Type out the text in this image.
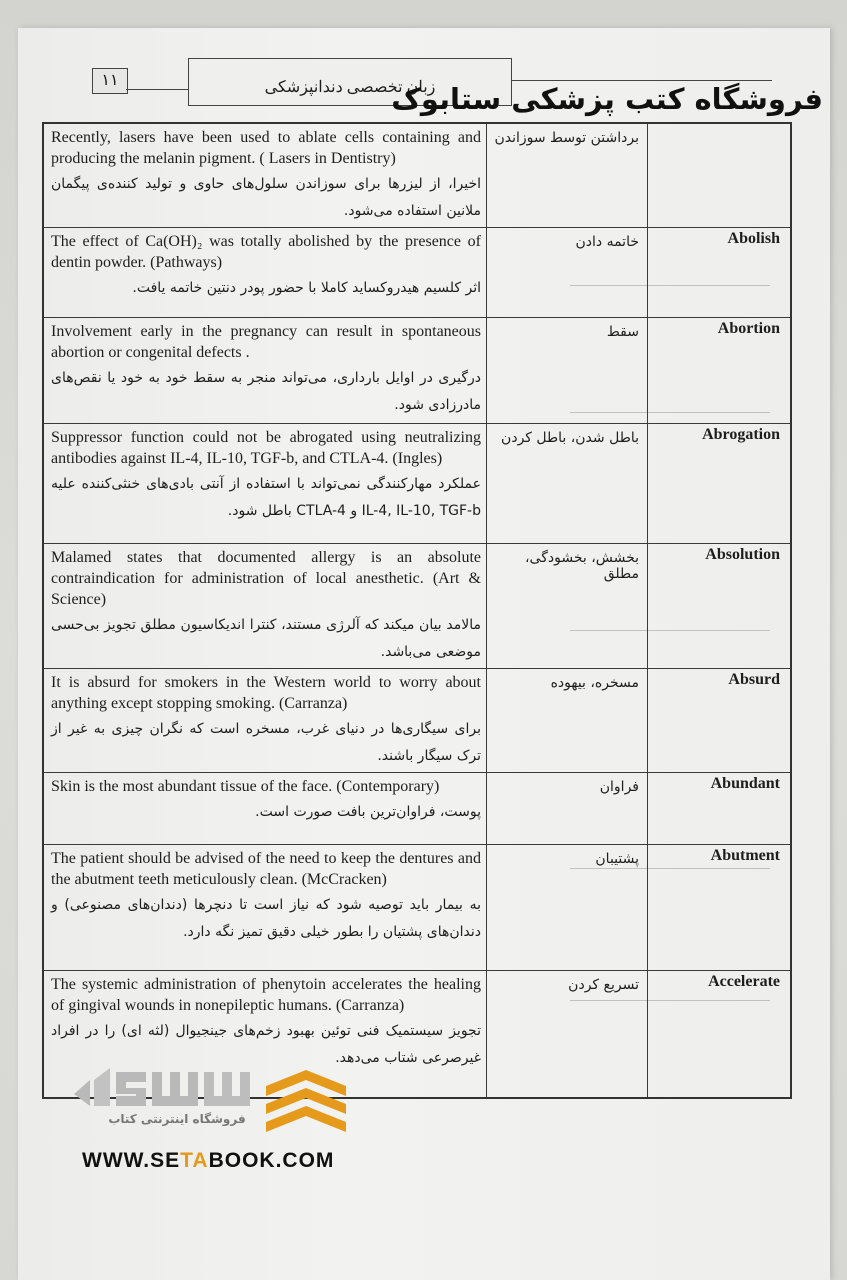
۱۱	زبان تخصصی دندانپزشکی
فروشگاه کتب پزشکی ستابوک
Recently, lasers have been used to ablate cells containing and producing the melanin pigment. ( Lasers in Dentistry)
اخیرا، از لیزرها برای سوزاندن سلول‌های حاوی و تولید کننده‌ی پیگمان ملانین استفاده می‌شود.	برداشتن توسط سوزاندن	

The effect of Ca(OH)₂ was totally abolished by the presence of dentin powder. (Pathways)
اثر کلسیم هیدروکساید کاملا با حضور پودر دنتین خاتمه یافت.	خاتمه دادن	Abolish

Involvement early in the pregnancy can result in spontaneous abortion or congenital defects .
درگیری در اوایل بارداری، می‌تواند منجر به سقط خود به خود یا نقص‌های مادرزادی شود.	سقط	Abortion

Suppressor function could not be abrogated using neutralizing antibodies against IL-4, IL-10, TGF-b, and CTLA-4. (Ingles)
عملکرد مهارکنندگی نمی‌تواند با استفاده از آنتی بادی‌های خنثی‌کننده علیه IL-4, IL-10, TGF-b و CTLA-4 باطل شود.	باطل شدن، باطل کردن	Abrogation

Malamed states that documented allergy is an absolute contraindication for administration of local anesthetic. (Art & Science)
مالامد بیان میکند که آلرژی مستند، کنترا اندیکاسیون مطلق تجویز بی‌حسی موضعی می‌باشد.	بخشش، بخشودگی، مطلق	Absolution

It is absurd for smokers in the Western world to worry about anything except stopping smoking. (Carranza)
برای سیگاری‌ها در دنیای غرب، مسخره است که نگران چیزی به غیر از ترک سیگار باشند.	مسخره، بیهوده	Absurd

Skin is the most abundant tissue of the face. (Contemporary)
پوست، فراوان‌ترین بافت صورت است.	فراوان	Abundant

The patient should be advised of the need to keep the dentures and the abutment teeth meticulously clean. (McCracken)
به بیمار باید توصیه شود که نیاز است تا دنچرها (دندان‌های مصنوعی) و دندان‌های پشتیان را بطور خیلی دقیق تمیز نگه دارد.	پشتیبان	Abutment

The systemic administration of phenytoin accelerates the healing of gingival wounds in nonepileptic humans. (Carranza)
تجویز سیستمیک فنی توئین بهبود زخم‌های جینجیوال (لثه ای) را در افراد غیرصرعی شتاب می‌دهد.	تسریع کردن	Accelerate
فروشگاه اینترنتی کتاب
WWW.SETABOOK.COM
